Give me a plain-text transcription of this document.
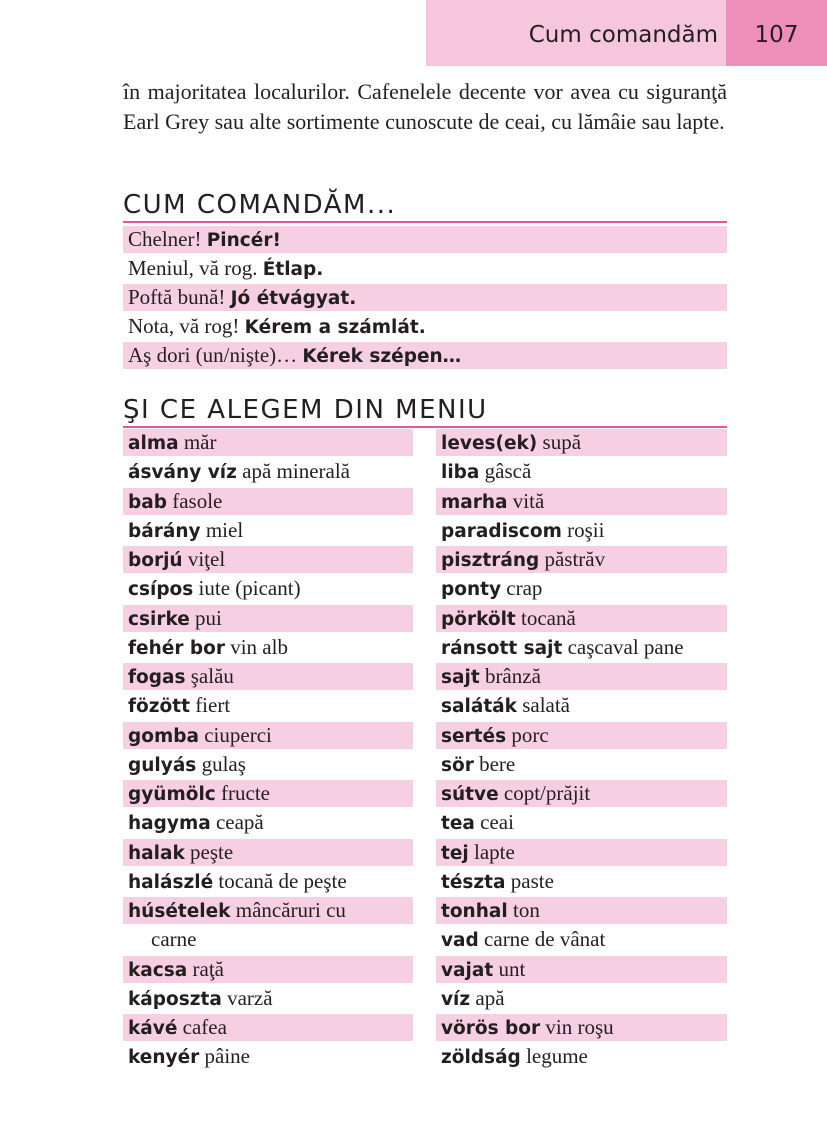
Cum comandăm	107

în majoritatea localurilor. Cafenelele decente vor avea cu siguranţă Earl Grey sau alte sortimente cunoscute de ceai, cu lămâie sau lapte.

CUM COMANDĂM...
Chelner! Pincér!
Meniul, vă rog. Étlap.
Poftă bună! Jó étvágyat.
Nota, vă rog! Kérem a számlát.
Aş dori (un/nişte)… Kérek szépen…
ŞI CE ALEGEM DIN MENIU
alma măr
ásvány víz apă minerală
bab fasole
bárány miel
borjú viţel
csípos iute (picant)
csirke pui
fehér bor vin alb
fogas şalău
fözött fiert
gomba ciuperci
gulyás gulaş
gyümölc fructe
hagyma ceapă
halak peşte
halászlé tocană de peşte
húsételek mâncăruri cu
carne
kacsa raţă
káposzta varză
kávé cafea
kenyér pâine
leves(ek) supă
liba gâscă
marha vită
paradiscom roşii
pisztráng păstrăv
ponty crap
pörkölt tocană
ránsott sajt caşcaval pane
sajt brânză
saláták salată
sertés porc
sör bere
sútve copt/prăjit
tea ceai
tej lapte
tészta paste
tonhal ton
vad carne de vânat
vajat unt
víz apă
vörös bor vin roşu
zöldság legume
